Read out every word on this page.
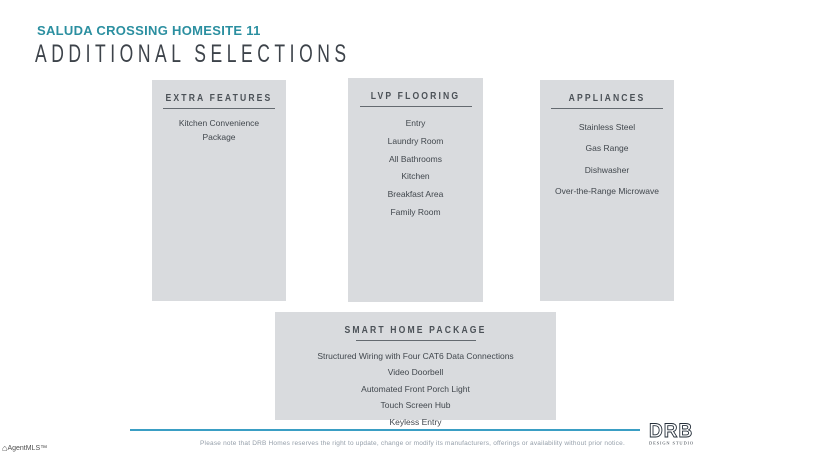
SALUDA CROSSING HOMESITE 11
ADDITIONAL SELECTIONS
EXTRA FEATURES
Kitchen Convenience Package
LVP FLOORING
Entry
Laundry Room
All Bathrooms
Kitchen
Breakfast Area
Family Room
APPLIANCES
Stainless Steel
Gas Range
Dishwasher
Over-the-Range Microwave
SMART HOME PACKAGE
Structured Wiring with Four CAT6 Data Connections
Video Doorbell
Automated Front Porch Light
Touch Screen Hub
Keyless Entry
Please note that DRB Homes reserves the right to update, change or modify its manufacturers, offerings or availability without prior notice.
DRB
DESIGN STUDIO
⌂AgentMLS™
